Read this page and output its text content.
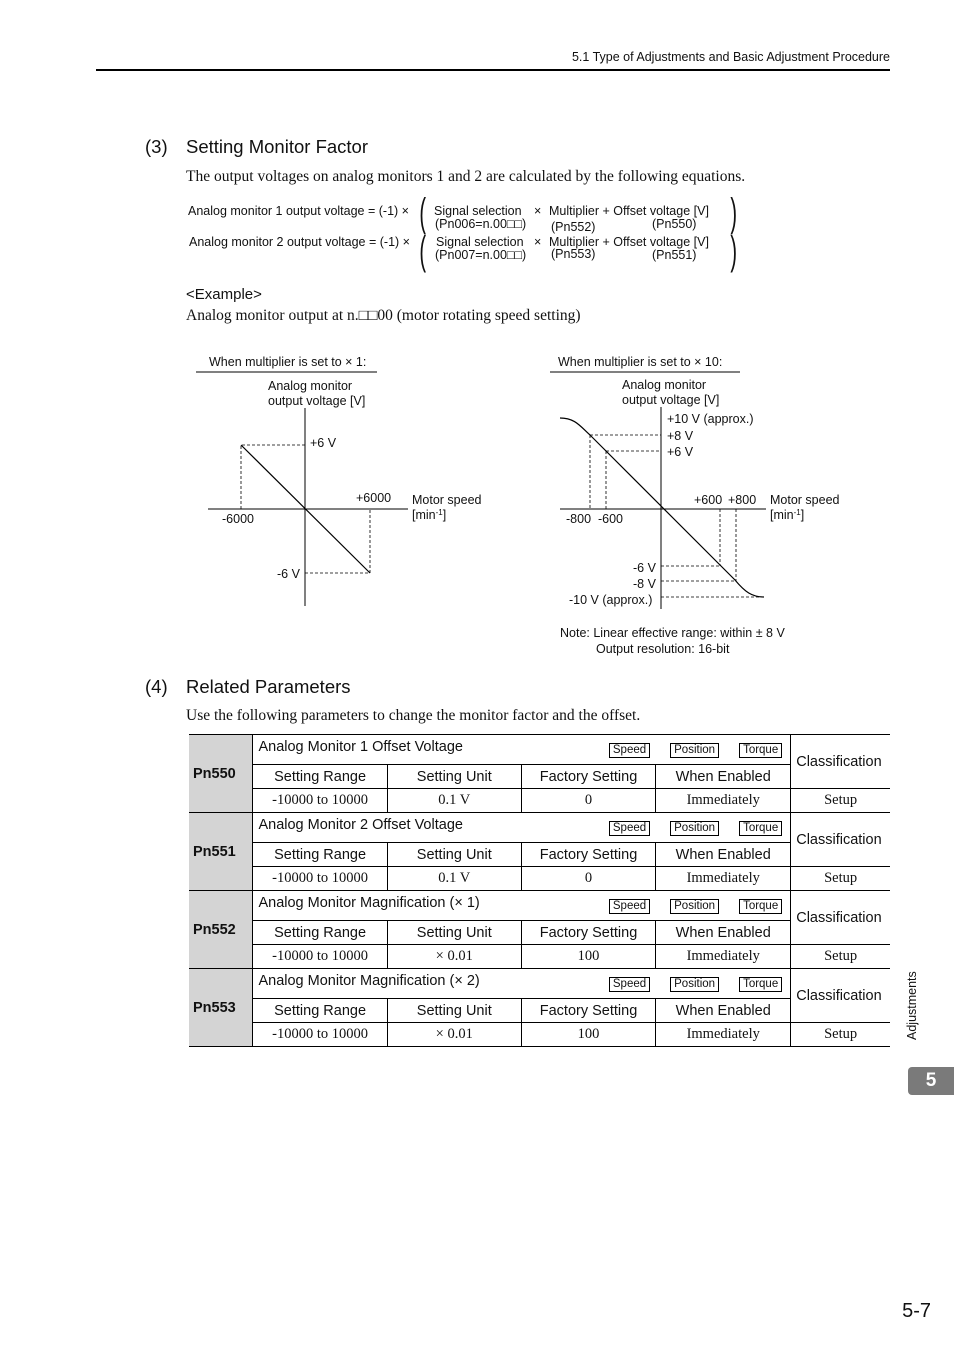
5.1 Type of Adjustments and Basic Adjustment Procedure
(3) Setting Monitor Factor
The output voltages on analog monitors 1 and 2 are calculated by the following equations.
Analog monitor 1 output voltage = (-1) × ( Signal selection
(Pn006=n.00□□)
× Multiplier + Offset voltage [V]
(Pn552)	(Pn550) )
Analog monitor 2 output voltage = (-1) × ( Signal selection
(Pn007=n.00□□)
× Multiplier + Offset voltage [V]
(Pn553)	(Pn551) )
<Example>
Analog monitor output at n.□□00 (motor rotating speed setting)
When multiplier is set to × 1:
Analog monitor
output voltage [V]
+6 V
-6 V
+6000
-6000
Motor speed
$[\min^{-1}]$
When multiplier is set to × 10:
Analog monitor
output voltage [V]
+10 V (approx.)
+8 V
+6 V
-6 V
-8 V
-10 V (approx.)
+600 +800
-800  -600
Motor speed
$[\min^{-1}]$
Note: Linear effective range: within ± 8 V
Output resolution: 16-bit
(4) Related Parameters
Use the following parameters to change the monitor factor and the offset.
Pn550	Analog Monitor 1 Offset Voltage Speed Position Torque				Classification
	Setting Range	Setting Unit	Factory Setting	When Enabled	
	-10000 to 10000	0.1 V	0	Immediately	Setup
Pn551	Analog Monitor 2 Offset Voltage Speed Position Torque				Classification
	Setting Range	Setting Unit	Factory Setting	When Enabled	
	-10000 to 10000	0.1 V	0	Immediately	Setup
Pn552	Analog Monitor Magnification (× 1) Speed Position Torque				Classification
	Setting Range	Setting Unit	Factory Setting	When Enabled	
	-10000 to 10000	× 0.01	100	Immediately	Setup
Pn553	Analog Monitor Magnification (× 2) Speed Position Torque				Classification
	Setting Range	Setting Unit	Factory Setting	When Enabled	
	-10000 to 10000	× 0.01	100	Immediately	Setup	Adjustments
5
5-7
